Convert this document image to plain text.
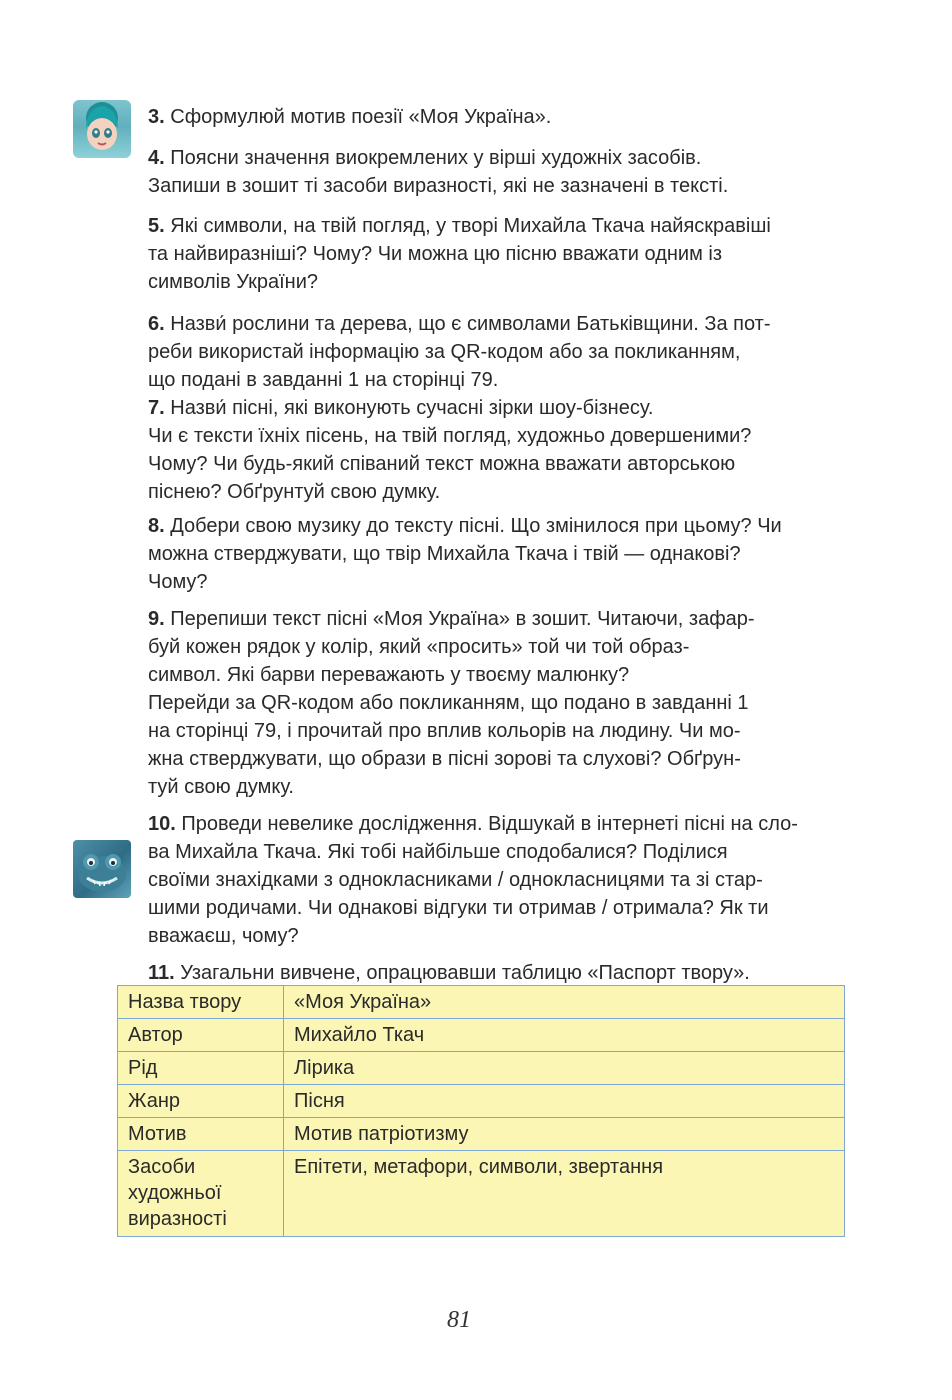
3. Сформулюй мотив поезії «Моя Україна».
4. Поясни значення виокремлених у вірші художніх засобів.
Запиши в зошит ті засоби виразності, які не зазначені в тексті.
5. Які символи, на твій погляд, у творі Михайла Ткача найяскравіші
та найвиразніші? Чому? Чи можна цю пісню вважати одним із
символів України?
6. Назви́ рослини та дерева, що є символами Батьківщини. За пот-
реби використай інформацію за QR-кодом або за покликанням,
що подані в завданні 1 на сторінці 79.
7. Назви́ пісні, які виконують сучасні зірки шоу-бізнесу.
Чи є тексти їхніх пісень, на твій погляд, художньо довершеними?
Чому? Чи будь-який співаний текст можна вважати авторською
піснею? Обґрунтуй свою думку.
8. Добери свою музику до тексту пісні. Що змінилося при цьому? Чи
можна стверджувати, що твір Михайла Ткача і твій — однакові?
Чому?
9. Перепиши текст пісні «Моя Україна» в зошит. Читаючи, зафар-
буй кожен рядок у колір, який «просить» той чи той образ-
символ. Які барви переважають у твоєму малюнку?
Перейди за QR-кодом або покликанням, що подано в завданні 1
на сторінці 79, і прочитай про вплив кольорів на людину. Чи мо-
жна стверджувати, що образи в пісні зорові та слухові? Обґрун-
туй свою думку.
10. Проведи невелике дослідження. Відшукай в інтернеті пісні на сло-
ва Михайла Ткача. Які тобі найбільше сподобалися? Поділися
своїми знахідками з однокласниками / однокласницями та зі стар-
шими родичами. Чи однакові відгуки ти отримав / отримала? Як ти
вважаєш, чому?
11. Узагальни вивчене, опрацювавши таблицю «Паспорт твору».
Назва твору	«Моя Україна»
Автор	Михайло Ткач
Рід	Лірика
Жанр	Пісня
Мотив	Мотив патріотизму
Засоби художньої виразності	Епітети, метафори, символи, звертання
81
